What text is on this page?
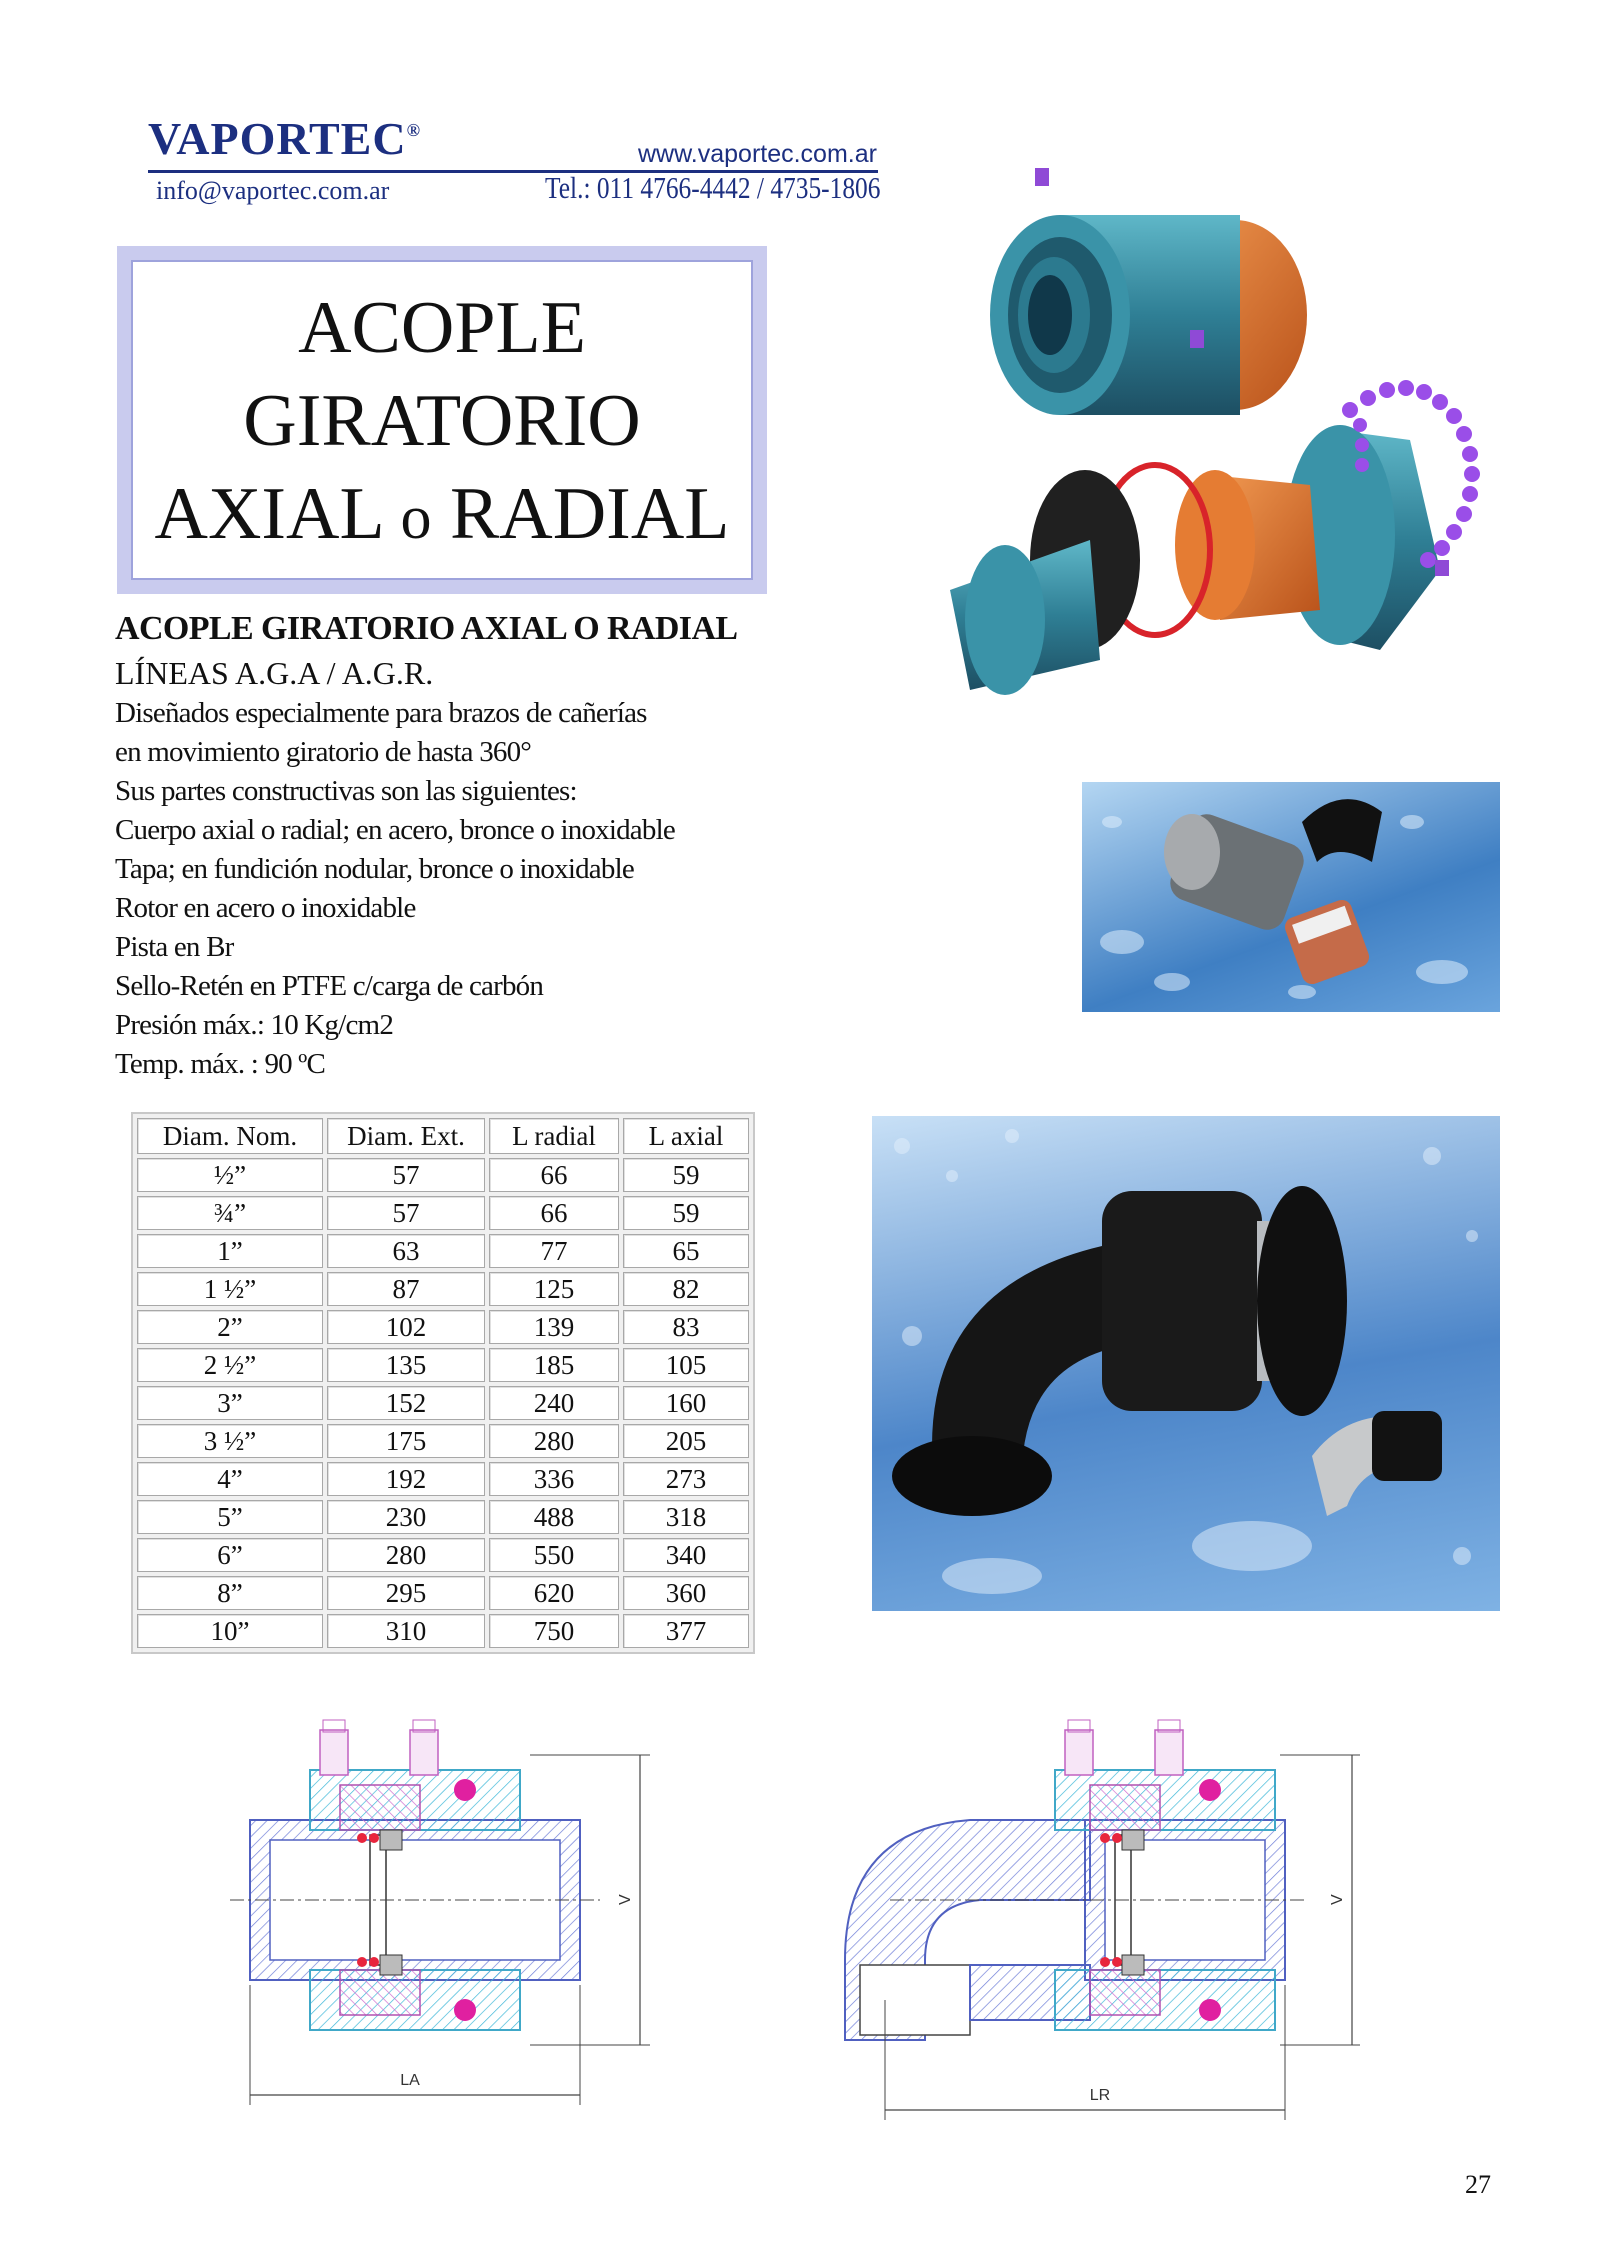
VAPORTEC®
www.vaportec.com.ar
info@vaportec.com.ar	Tel.: 011 4766-4442 / 4735-1806
ACOPLE
GIRATORIO
AXIAL o RADIAL
ACOPLE GIRATORIO AXIAL O RADIAL
LÍNEAS A.G.A / A.G.R.
Diseñados especialmente para brazos de cañerías
en movimiento giratorio de hasta 360°
Sus partes constructivas son las siguientes:
Cuerpo axial o radial; en acero, bronce o inoxidable
Tapa; en fundición nodular, bronce o inoxidable
Rotor en acero o inoxidable
Pista en Br
Sello-Retén en PTFE c/carga de carbón
Presión máx.: 10 Kg/cm2
Temp. máx. : 90 ºC
Diam. Nom.	Diam. Ext.	L radial	L axial
½”	57	66	59
¾”	57	66	59
1”	63	77	65
1 ½”	87	125	82
2”	102	139	83
2 ½”	135	185	105
3”	152	240	160
3 ½”	175	280	205
4”	192	336	273
5”	230	488	318
6”	280	550	340
8”	295	620	360
10”	310	750	377
LA
V
LR
V
27
